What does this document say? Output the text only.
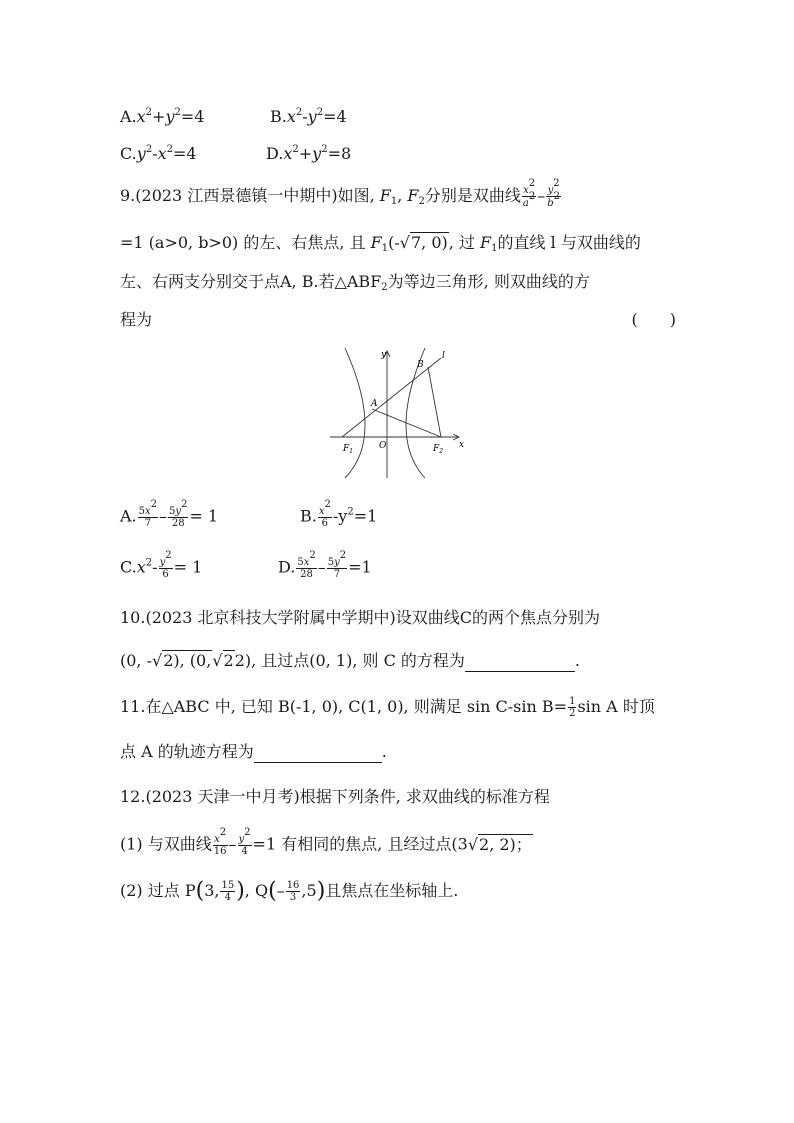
$A.x^2+y^2=4$	$B.x^2-y^2=4$
$C.y^2-x^2=4$	$D.x^2+y^2=8$
9.(2023 江西景德镇一中期中)如图, $F_1$, $F_2$分别是双曲线 $\frac{x^2}{a^2} - \frac{y^2}{b^2}$
=1 (a>0, b>0) 的左、右焦点, 且 $F_1(-√7$, 0), 过 $F_1$的直线 l 与双曲线的
左、右两支分别交于点A, B.若$\triangle ABF_2$为等边三角形, 则双曲线的方
程为	(　　)
y
x
O
A
B
l
$F_1$	$F_2$
A. $\frac{5x^2}{7} - \frac{5y^2}{28} = 1$	B. $\frac{x^2}{6} -y^2=1$
$C.x^2- \frac{y^2}{6} = 1$	D. $\frac{5x^2}{28} - \frac{5y^2}{7} =1$
10.(2023 北京科技大学附属中学期中)设双曲线C的两个焦点分别为
(0, -√2), (0,√22), 且过点(0, 1), 则 C 的方程为	.
11.在△ABC 中, 已知 B(-1, 0), C(1, 0), 则满足 sin C-sin $B= \frac{1}{2}$ sin A 时顶
点 A 的轨迹方程为	.
12.(2023 天津一中月考)根据下列条件, 求双曲线的标准方程
(1) 与双曲线 $\frac{x^2}{16} - \frac{y^2}{4} =1$ 有相同的焦点, 且经过点(3√2, 2)；
(2) 过点 P(3, $\frac{15}{4}$ ), $Q(- \frac{16}{3} ,5)$且焦点在坐标轴上.
